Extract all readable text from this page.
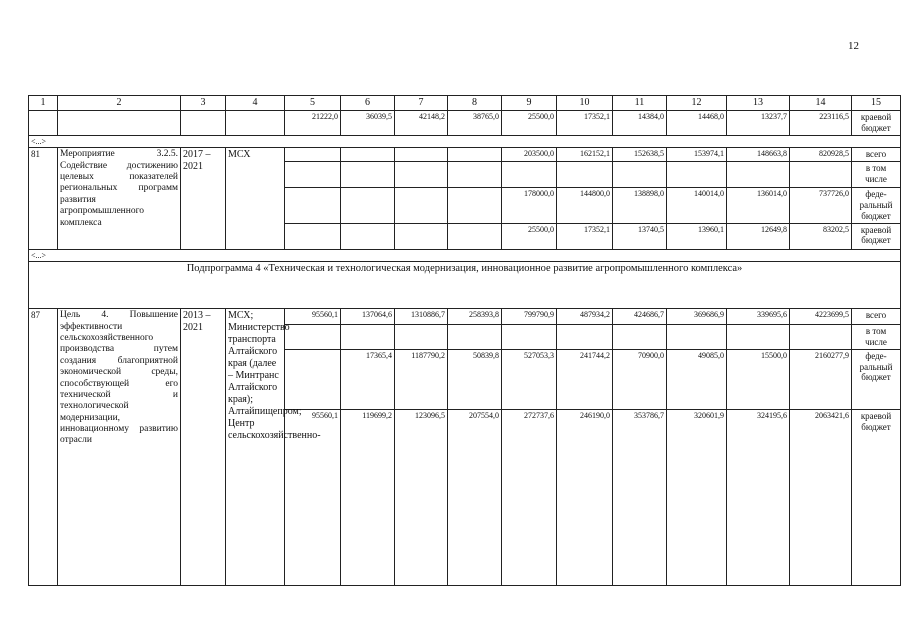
12
1	2	3	4	5	6	7	8	9	10	11	12	13	14	15
				21222,0	36039,5	42148,2	38765,0	25500,0	17352,1	14384,0	14468,0	13237,7	223116,5	краевой
бюджет
<...>														
81	Мероприятие 3.2.5. Содействие достижению целевых показателей региональных программ развития агропромышленного комплекса	2017 – 2021	МСХ					203500,0	162152,1	152638,5	153974,1	148663,8	820928,5	всего
														в том
числе
								178000,0	144800,0	138898,0	140014,0	136014,0	737726,0	феде-
ральный
бюджет
								25500,0	17352,1	13740,5	13960,1	12649,8	83202,5	краевой
бюджет
<...>														
Подпрограмма 4 «Техническая и технологическая модернизация, инновационное развитие агропромышленного комплекса»														
87	Цель 4. Повышение эффективности сельскохозяйственного производства путем создания благоприятной экономической среды, способствующей его технической и технологической модернизации, инновационному развитию отрасли	2013 – 2021	МСХ; Министерство транспорта Алтайского края (далее – Минтранс Алтайского края); Алтайпищепром; Центр сельскохозяйственно-	95560,1	137064,6	1310886,7	258393,8	799790,9	487934,2	424686,7	369686,9	339695,6	4223699,5	всего
														в том
числе
					17365,4	1187790,2	50839,8	527053,3	241744,2	70900,0	49085,0	15500,0	2160277,9	феде-
ральный
бюджет
				95560,1	119699,2	123096,5	207554,0	272737,6	246190,0	353786,7	320601,9	324195,6	2063421,6	краевой
бюджет
